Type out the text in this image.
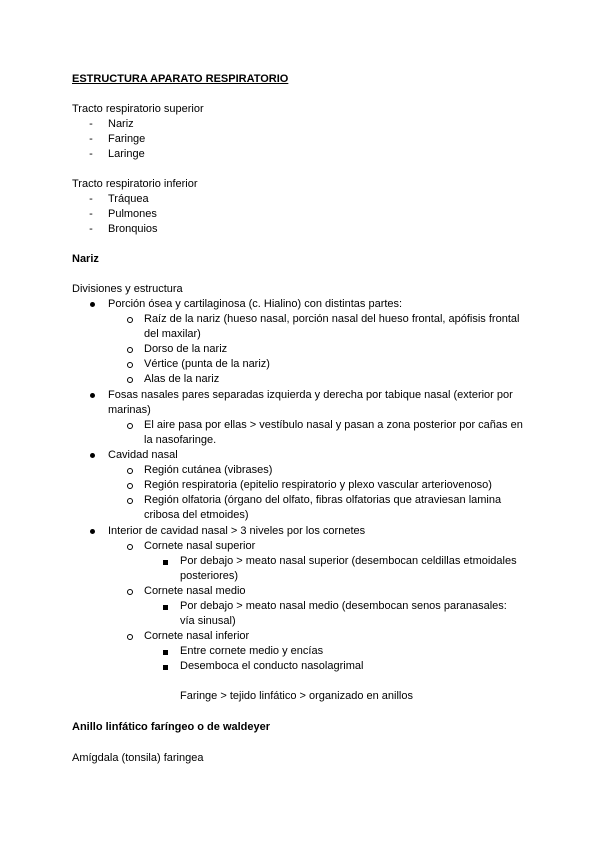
ESTRUCTURA APARATO RESPIRATORIO
Tracto respiratorio superior
- Nariz
- Faringe
- Laringe
Tracto respiratorio inferior
- Tráquea
- Pulmones
- Bronquios
Nariz
Divisiones y estructura
Porción ósea y cartilaginosa (c. Hialino) con distintas partes:
Raíz de la nariz (hueso nasal, porción nasal del hueso frontal, apófisis frontal
del maxilar)
Dorso de la nariz
Vértice (punta de la nariz)
Alas de la nariz
Fosas nasales pares separadas izquierda y derecha por tabique nasal (exterior por
marinas)
El aire pasa por ellas > vestíbulo nasal y pasan a zona posterior por cañas en
la nasofaringe.
Cavidad nasal
Región cutánea (vibrases)
Región respiratoria (epitelio respiratorio y plexo vascular arteriovenoso)
Región olfatoria (órgano del olfato, fibras olfatorias que atraviesan lamina
cribosa del etmoides)
Interior de cavidad nasal > 3 niveles por los cornetes
Cornete nasal superior
Por debajo > meato nasal superior (desembocan celdillas etmoidales
posteriores)
Cornete nasal medio
Por debajo > meato nasal medio (desembocan senos paranasales:
vía sinusal)
Cornete nasal inferior
Entre cornete medio y encías
Desemboca el conducto nasolagrimal
Faringe > tejido linfático > organizado en anillos
Anillo linfático faríngeo o de waldeyer
Amígdala (tonsila) faringea
